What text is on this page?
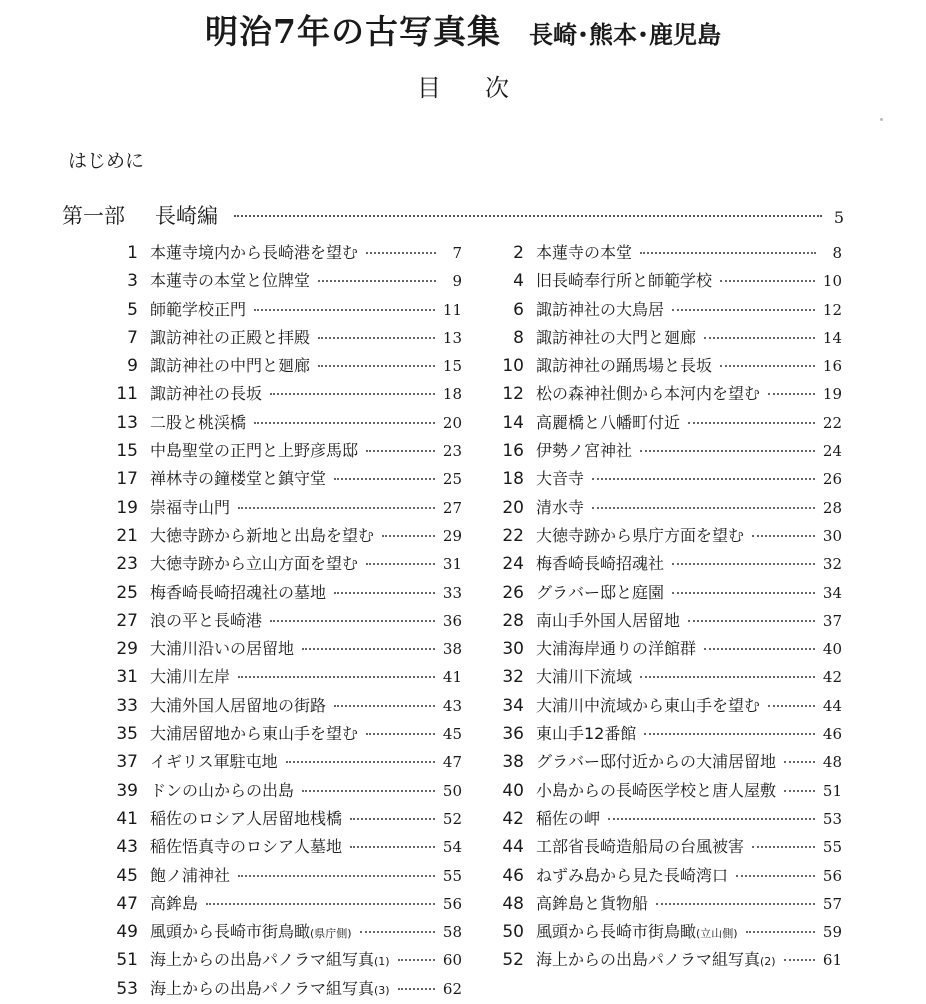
明治7年の古写真集 長崎･熊本･鹿児島
目次
はじめに
第一部 長崎編	5
1 本蓮寺境内から長崎港を望む	7
3 本蓮寺の本堂と位牌堂	9
5 師範学校正門	11
7 諏訪神社の正殿と拝殿	13
9 諏訪神社の中門と廻廊	15
11 諏訪神社の長坂	18
13 二股と桃渓橋	20
15 中島聖堂の正門と上野彦馬邸	23
17 禅林寺の鐘楼堂と鎮守堂	25
19 崇福寺山門	27
21 大徳寺跡から新地と出島を望む	29
23 大徳寺跡から立山方面を望む	31
25 梅香崎長崎招魂社の墓地	33
27 浪の平と長崎港	36
29 大浦川沿いの居留地	38
31 大浦川左岸	41
33 大浦外国人居留地の街路	43
35 大浦居留地から東山手を望む	45
37 イギリス軍駐屯地	47
39 ドンの山からの出島	50
41 稲佐のロシア人居留地桟橋	52
43 稲佐悟真寺のロシア人墓地	54
45 飽ノ浦神社	55
47 高鉾島	56
49 風頭から長崎市街鳥瞰 (県庁側)	58
51 海上からの出島パノラマ組写真 (1)	60
53 海上からの出島パノラマ組写真 (3)	62
2 本蓮寺の本堂	8
4 旧長崎奉行所と師範学校	10
6 諏訪神社の大鳥居	12
8 諏訪神社の大門と廻廊	14
10 諏訪神社の踊馬場と長坂	16
12 松の森神社側から本河内を望む	19
14 高麗橋と八幡町付近	22
16 伊勢ノ宮神社	24
18 大音寺	26
20 清水寺	28
22 大徳寺跡から県庁方面を望む	30
24 梅香崎長崎招魂社	32
26 グラバー邸と庭園	34
28 南山手外国人居留地	37
30 大浦海岸通りの洋館群	40
32 大浦川下流域	42
34 大浦川中流域から東山手を望む	44
36 東山手12番館	46
38 グラバー邸付近からの大浦居留地	48
40 小島からの長崎医学校と唐人屋敷	51
42 稲佐の岬	53
44 工部省長崎造船局の台風被害	55
46 ねずみ島から見た長崎湾口	56
48 高鉾島と貨物船	57
50 風頭から長崎市街鳥瞰 (立山側)	59
52 海上からの出島パノラマ組写真 (2)	61
